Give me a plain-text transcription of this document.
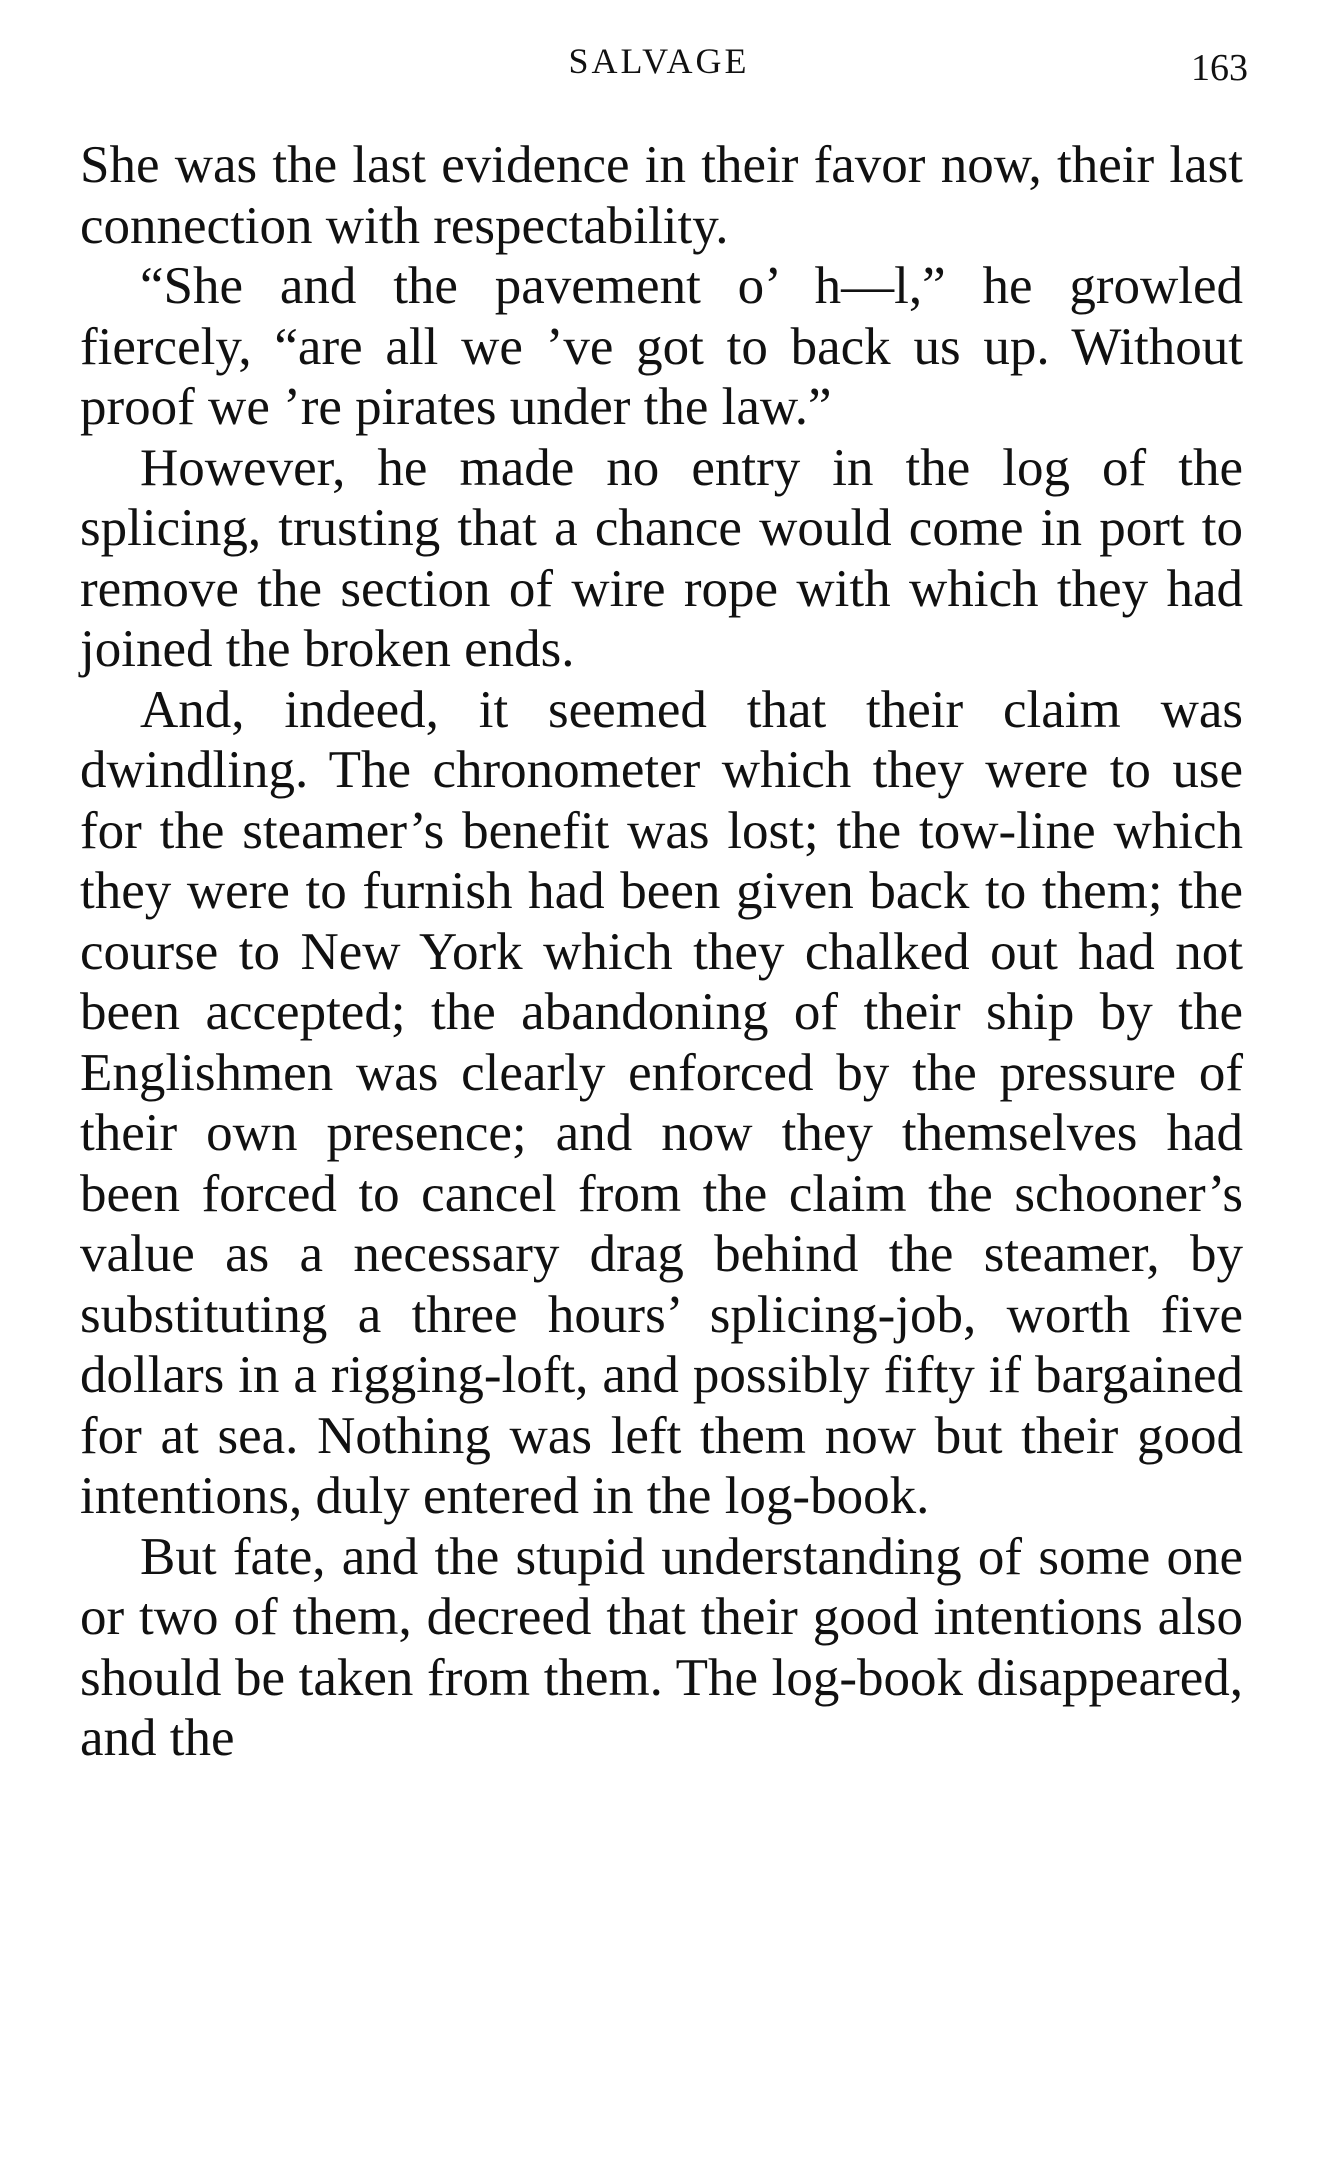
SALVAGE	163

She was the last evidence in their favor now, their last connection with respectability.

“She and the pavement o’ h—l,” he growled fiercely, “are all we ’ve got to back us up. Without proof we ’re pirates under the law.”

However, he made no entry in the log of the splicing, trusting that a chance would come in port to remove the section of wire rope with which they had joined the broken ends.

And, indeed, it seemed that their claim was dwindling. The chronometer which they were to use for the steamer’s benefit was lost; the tow-line which they were to furnish had been given back to them; the course to New York which they chalked out had not been accepted; the abandoning of their ship by the Englishmen was clearly enforced by the pressure of their own presence; and now they themselves had been forced to cancel from the claim the schooner’s value as a necessary drag behind the steamer, by substituting a three hours’ splicing-job, worth five dollars in a rigging-loft, and possibly fifty if bargained for at sea. Nothing was left them now but their good intentions, duly entered in the log-book.

But fate, and the stupid understanding of some one or two of them, decreed that their good intentions also should be taken from them. The log-book disappeared, and the
